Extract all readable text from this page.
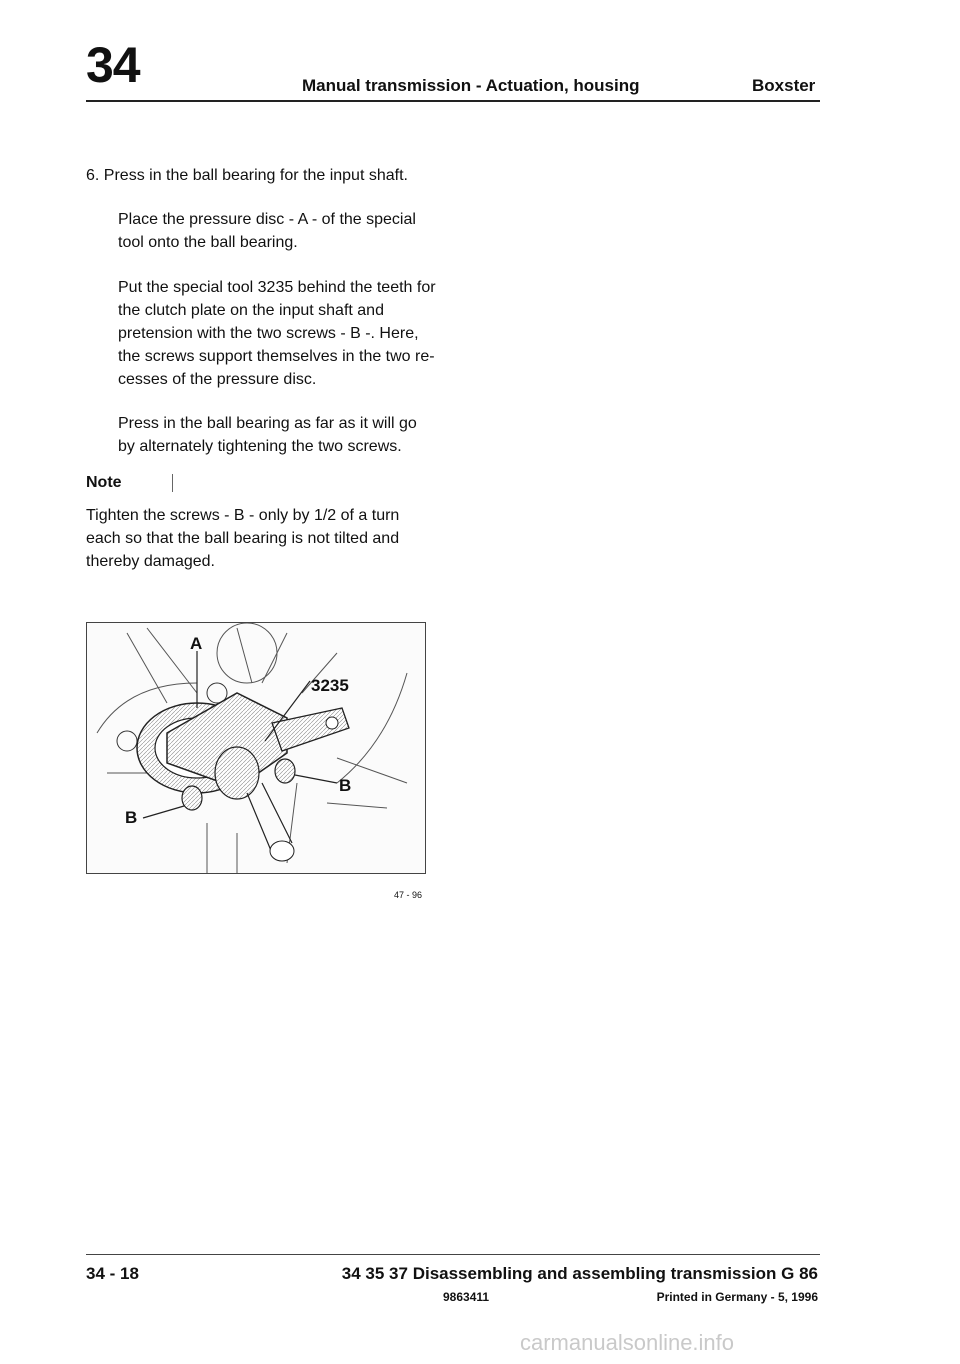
34	Manual transmission - Actuation, housing	Boxster
6. Press in the ball bearing for the input shaft.
Place the pressure disc - A - of the special tool onto the ball bearing.
Put the special tool 3235 behind the teeth for the clutch plate on the input shaft and pretension with the two screws - B -. Here, the screws support themselves in the two re- cesses of the pressure disc.
Press in the ball bearing as far as it will go by alternately tightening the two screws.
Note
Tighten the screws - B - only by 1/2 of a turn each so that the ball bearing is not tilted and thereby damaged.
A
3235
B
B
47 - 96
34 - 18	34 35 37 Disassembling and assembling transmission G 86
9863411	Printed in Germany - 5, 1996
carmanualsonline.info
